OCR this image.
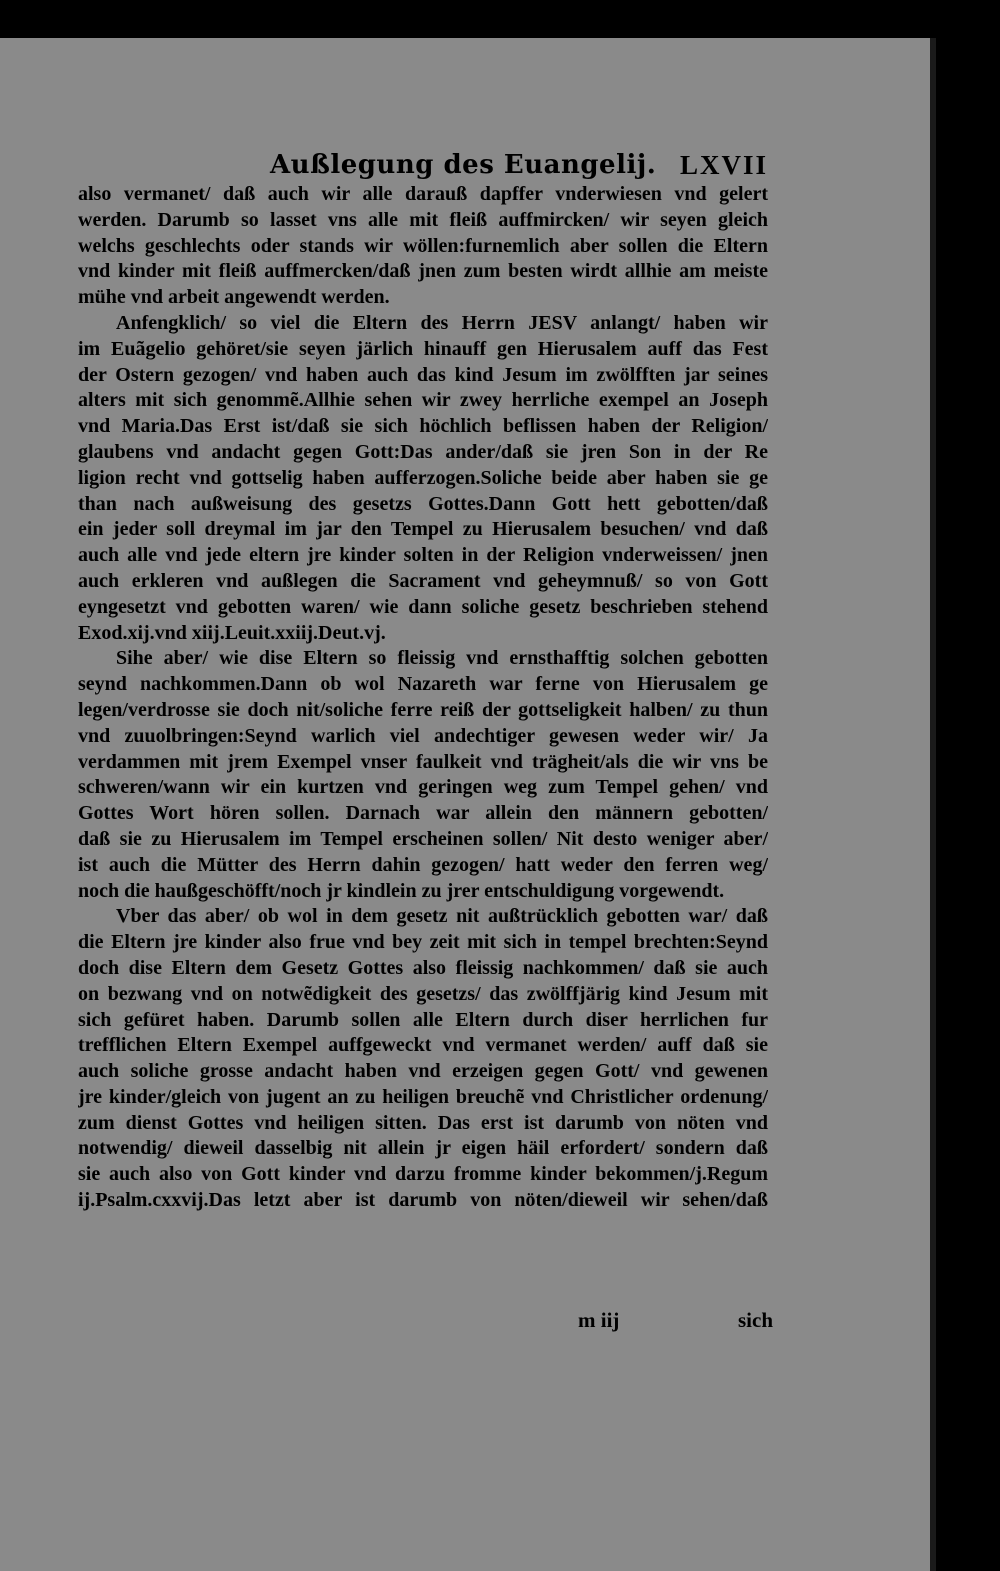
Außlegung des Euangelij. LXVII
also vermanet/ daß auch wir alle darauß dapffer vnderwiesen vnd gelert
werden. Darumb so lasset vns alle mit fleiß auffmircken/ wir seyen gleich
welchs geschlechts oder stands wir wöllen:furnemlich aber sollen die Eltern
vnd kinder mit fleiß auffmercken/daß jnen zum besten wirdt allhie am meiste
mühe vnd arbeit angewendt werden.
Anfengklich/ so viel die Eltern des Herrn JESV anlangt/ haben wir
im Euãgelio gehöret/sie seyen järlich hinauff gen Hierusalem auff das Fest
der Ostern gezogen/ vnd haben auch das kind Jesum im zwölfften jar seines
alters mit sich genommẽ.Allhie sehen wir zwey herrliche exempel an Joseph
vnd Maria.Das Erst ist/daß sie sich höchlich beflissen haben der Religion/
glaubens vnd andacht gegen Gott:Das ander/daß sie jren Son in der Re
ligion recht vnd gottselig haben aufferzogen.Soliche beide aber haben sie ge
than nach außweisung des gesetzs Gottes.Dann Gott hett gebotten/daß
ein jeder soll dreymal im jar den Tempel zu Hierusalem besuchen/ vnd daß
auch alle vnd jede eltern jre kinder solten in der Religion vnderweissen/ jnen
auch erkleren vnd außlegen die Sacrament vnd geheymnuß/ so von Gott
eyngesetzt vnd gebotten waren/ wie dann soliche gesetz beschrieben stehend
Exod.xij.vnd xiij.Leuit.xxiij.Deut.vj.
Sihe aber/ wie dise Eltern so fleissig vnd ernsthafftig solchen gebotten
seynd nachkommen.Dann ob wol Nazareth war ferne von Hierusalem ge
legen/verdrosse sie doch nit/soliche ferre reiß der gottseligkeit halben/ zu thun
vnd zuuolbringen:Seynd warlich viel andechtiger gewesen weder wir/ Ja
verdammen mit jrem Exempel vnser faulkeit vnd trägheit/als die wir vns be
schweren/wann wir ein kurtzen vnd geringen weg zum Tempel gehen/ vnd
Gottes Wort hören sollen. Darnach war allein den männern gebotten/
daß sie zu Hierusalem im Tempel erscheinen sollen/ Nit desto weniger aber/
ist auch die Mütter des Herrn dahin gezogen/ hatt weder den ferren weg/
noch die haußgeschöfft/noch jr kindlein zu jrer entschuldigung vorgewendt.
Vber das aber/ ob wol in dem gesetz nit außtrücklich gebotten war/ daß
die Eltern jre kinder also frue vnd bey zeit mit sich in tempel brechten:Seynd
doch dise Eltern dem Gesetz Gottes also fleissig nachkommen/ daß sie auch
on bezwang vnd on notwẽdigkeit des gesetzs/ das zwölffjärig kind Jesum mit
sich gefüret haben. Darumb sollen alle Eltern durch diser herrlichen fur
trefflichen Eltern Exempel auffgeweckt vnd vermanet werden/ auff daß sie
auch soliche grosse andacht haben vnd erzeigen gegen Gott/ vnd gewenen
jre kinder/gleich von jugent an zu heiligen breuchẽ vnd Christlicher ordenung/
zum dienst Gottes vnd heiligen sitten. Das erst ist darumb von nöten vnd
notwendig/ dieweil dasselbig nit allein jr eigen häil erfordert/ sondern daß
sie auch also von Gott kinder vnd darzu fromme kinder bekommen/j.Regum
ij.Psalm.cxxvij.Das letzt aber ist darumb von nöten/dieweil wir sehen/daß
m iij	sich
